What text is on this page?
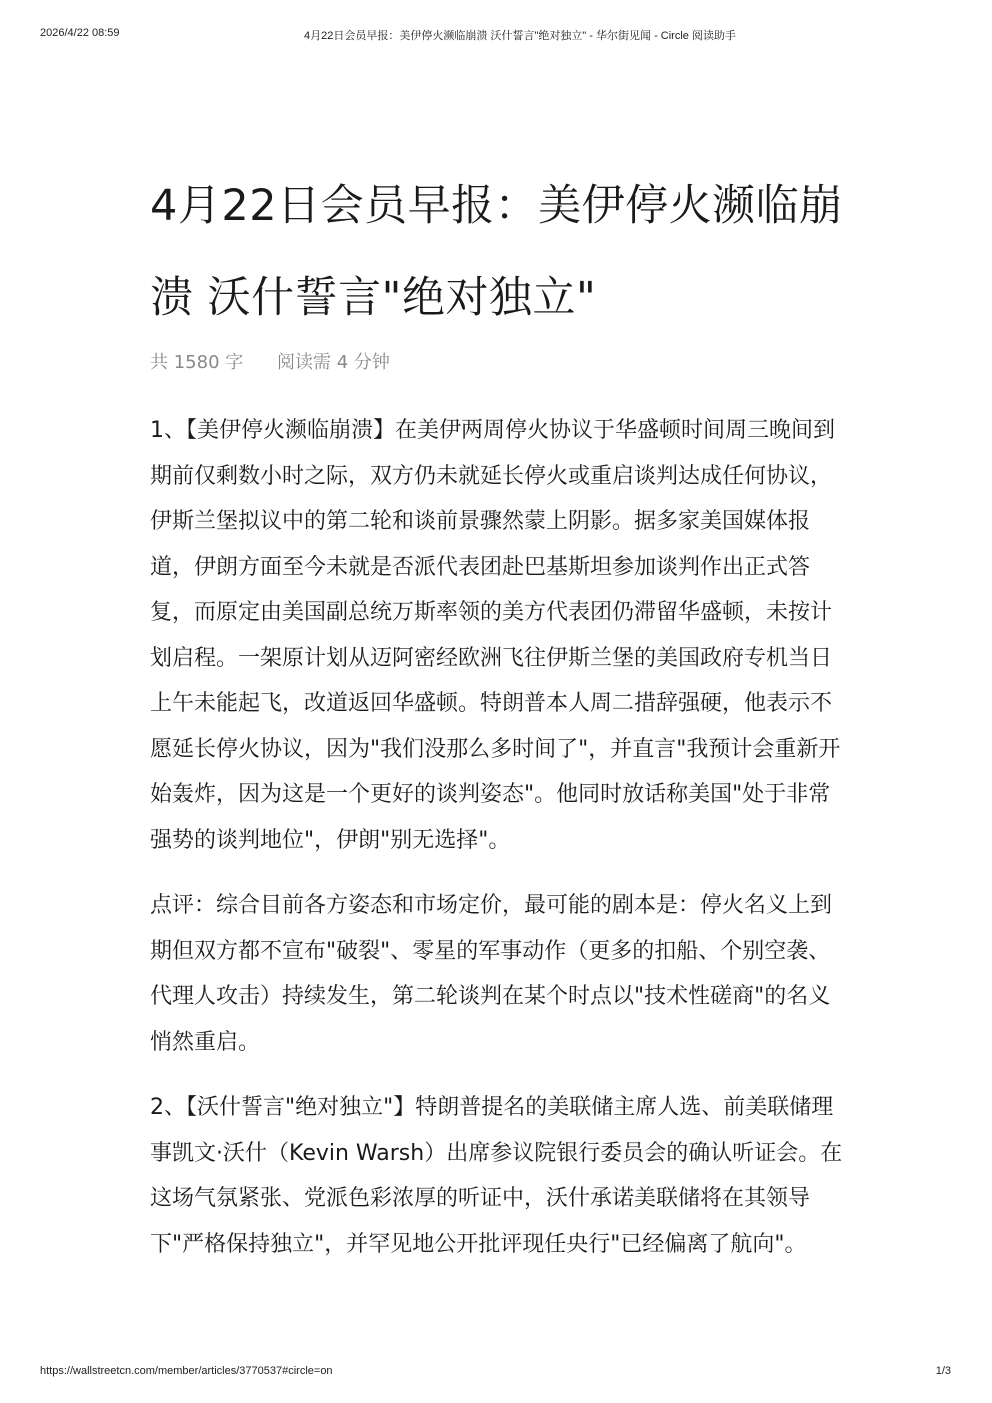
2026/4/22 08:59	4月22日会员早报：美伊停火濒临崩溃 沃什誓言"绝对独立" - 华尔街见闻 - Circle 阅读助手
4月22日会员早报：美伊停火濒临崩溃 沃什誓言"绝对独立"
共 1580 字 阅读需 4 分钟

1、【美伊停火濒临崩溃】在美伊两周停火协议于华盛顿时间周三晚间到期前仅剩数小时之际，双方仍未就延长停火或重启谈判达成任何协议，伊斯兰堡拟议中的第二轮和谈前景骤然蒙上阴影。据多家美国媒体报道，伊朗方面至今未就是否派代表团赴巴基斯坦参加谈判作出正式答复，而原定由美国副总统万斯率领的美方代表团仍滞留华盛顿，未按计划启程。一架原计划从迈阿密经欧洲飞往伊斯兰堡的美国政府专机当日上午未能起飞，改道返回华盛顿。特朗普本人周二措辞强硬，他表示不愿延长停火协议，因为"我们没那么多时间了"，并直言"我预计会重新开始轰炸，因为这是一个更好的谈判姿态"。他同时放话称美国"处于非常强势的谈判地位"，伊朗"别无选择"。

点评：综合目前各方姿态和市场定价，最可能的剧本是：停火名义上到期但双方都不宣布"破裂"、零星的军事动作（更多的扣船、个别空袭、代理人攻击）持续发生，第二轮谈判在某个时点以"技术性磋商"的名义悄然重启。

2、【沃什誓言"绝对独立"】特朗普提名的美联储主席人选、前美联储理事凯文·沃什（Kevin Warsh）出席参议院银行委员会的确认听证会。在这场气氛紧张、党派色彩浓厚的听证中，沃什承诺美联储将在其领导下"严格保持独立"，并罕见地公开批评现任央行"已经偏离了航向"。

https://wallstreetcn.com/member/articles/3770537#circle=on	1/3
